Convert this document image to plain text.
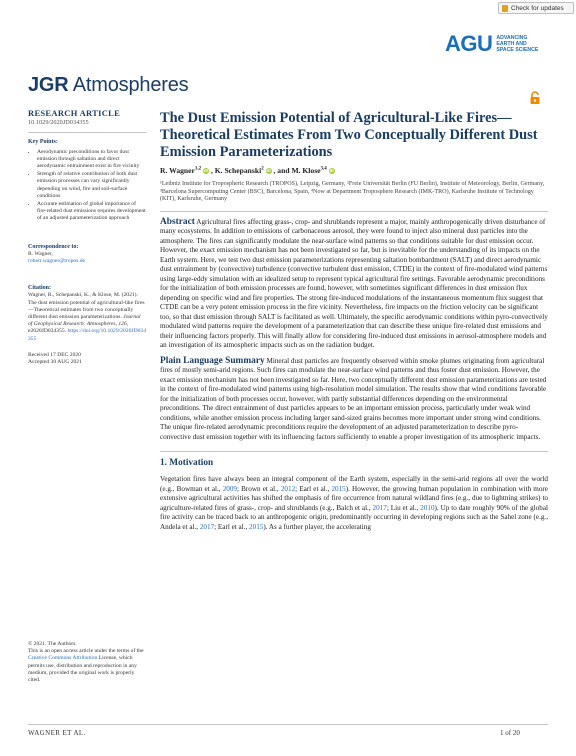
Check for updates
AGU ADVANCING
EARTH AND
SPACE SCIENCE
JGR Atmospheres
RESEARCH ARTICLE
10.1029/2020JD034355
Key Points:
• Aerodynamic preconditions to favor dust emission through saltation and direct aerodynamic entrainment exist in fire vicinity
• Strength of relative contribution of both dust emission processes can vary significantly depending on wind, fire and soil-surface conditions
• Accurate estimation of global importance of fire-related dust emissions requires development of an adjusted parameterization approach
Correspondence to:
R. Wagner,
robert.wagner@tropos.de
Citation:
Wagner, R., Schepanski, K., & Klose, M. (2021). The dust emission potential of agricultural-like fires—Theoretical estimates from two conceptually different dust emission parameterizations. Journal of Geophysical Research: Atmospheres, 126, e2020JD034355. https://doi.org/10.1029/2020JD034355
Received 17 DEC 2020
Accepted 30 AUG 2021
© 2021. The Authors.
This is an open access article under the terms of the Creative Commons Attribution License, which permits use, distribution and reproduction in any medium, provided the original work is properly cited.
The Dust Emission Potential of Agricultural-Like Fires—Theoretical Estimates From Two Conceptually Different Dust Emission Parameterizations
R. Wagner$^{1,2}$ iD , K. Schepanski$^2$ iD , and M. Klose$^{3,4}$ iD
¹Leibniz Institute for Tropospheric Research (TROPOS), Leipzig, Germany, ²Freie Universität Berlin (FU Berlin), Institute of Meteorology, Berlin, Germany, ³Barcelona Supercomputing Center (BSC), Barcelona, Spain, ⁴Now at Department Troposphere Research (IMK-TRO), Karlsruhe Institute of Technology (KIT), Karlsruhe, Germany
Abstract Agricultural fires affecting grass-, crop- and shrublands represent a major, mainly anthropogenically driven disturbance of many ecosystems. In addition to emissions of carbonaceous aerosol, they were found to inject also mineral dust particles into the atmosphere. The fires can significantly modulate the near-surface wind patterns so that conditions suitable for dust emission occur. However, the exact emission mechanism has not been investigated so far, but is inevitable for the understanding of its impacts on the Earth system. Here, we test two dust emission parameterizations representing saltation bombardment (SALT) and direct aerodynamic dust entrainment by (convective) turbulence (convective turbulent dust emission, CTDE) in the context of fire-modulated wind patterns using large-eddy simulation with an idealized setup to represent typical agricultural fire settings. Favorable aerodynamic preconditions for the initialization of both emission processes are found, however, with sometimes significant differences in dust emission flux depending on specific wind and fire properties. The strong fire-induced modulations of the instantaneous momentum flux suggest that CTDE can be a very potent emission process in the fire vicinity. Nevertheless, fire impacts on the friction velocity can be significant too, so that dust emission through SALT is facilitated as well. Ultimately, the specific aerodynamic conditions within pyro-convectively modulated wind patterns require the development of a parameterization that can describe these unique fire-related dust emissions and their influencing factors properly. This will finally allow for considering fire-induced dust emissions in aerosol-atmosphere models and an investigation of its atmospheric impacts such as on the radiation budget.
Plain Language Summary Mineral dust particles are frequently observed within smoke plumes originating from agricultural fires of mostly semi-arid regions. Such fires can modulate the near-surface wind patterns and thus foster dust emission. However, the exact emission mechanism has not been investigated so far. Here, two conceptually different dust emission parameterizations are tested in the context of fire-modulated wind patterns using high-resolution model simulation. The results show that wind conditions favorable for the initialization of both processes occur, however, with partly substantial differences depending on the environmental preconditions. The direct entrainment of dust particles appears to be an important emission process, particularly under weak wind conditions, while another emission process including larger sand-sized grains becomes more important under strong wind conditions. The unique fire-related aerodynamic preconditions require the development of an adjusted parameterization to describe pyro-convective dust emission together with its influencing factors sufficiently to enable a proper investigation of its atmospheric impacts.
1. Motivation
Vegetation fires have always been an integral component of the Earth system, especially in the semi-arid regions all over the world (e.g., Bowman et al., 2009; Brown et al., 2012; Earl et al., 2015). However, the growing human population in combination with more extensive agricultural activities has shifted the emphasis of fire occurrence from natural wildland fires (e.g., due to lightning strikes) to agriculture-related fires of grass-, crop- and shrublands (e.g., Balch et al., 2017; Liu et al., 2010). Up to date roughly 90% of the global fire activity can be traced back to an anthropogenic origin, predominantly occurring in developing regions such as the Sahel zone (e.g., Andela et al., 2017; Earl et al., 2015). As a further player, the accelerating
WAGNER ET AL.	1 of 20
